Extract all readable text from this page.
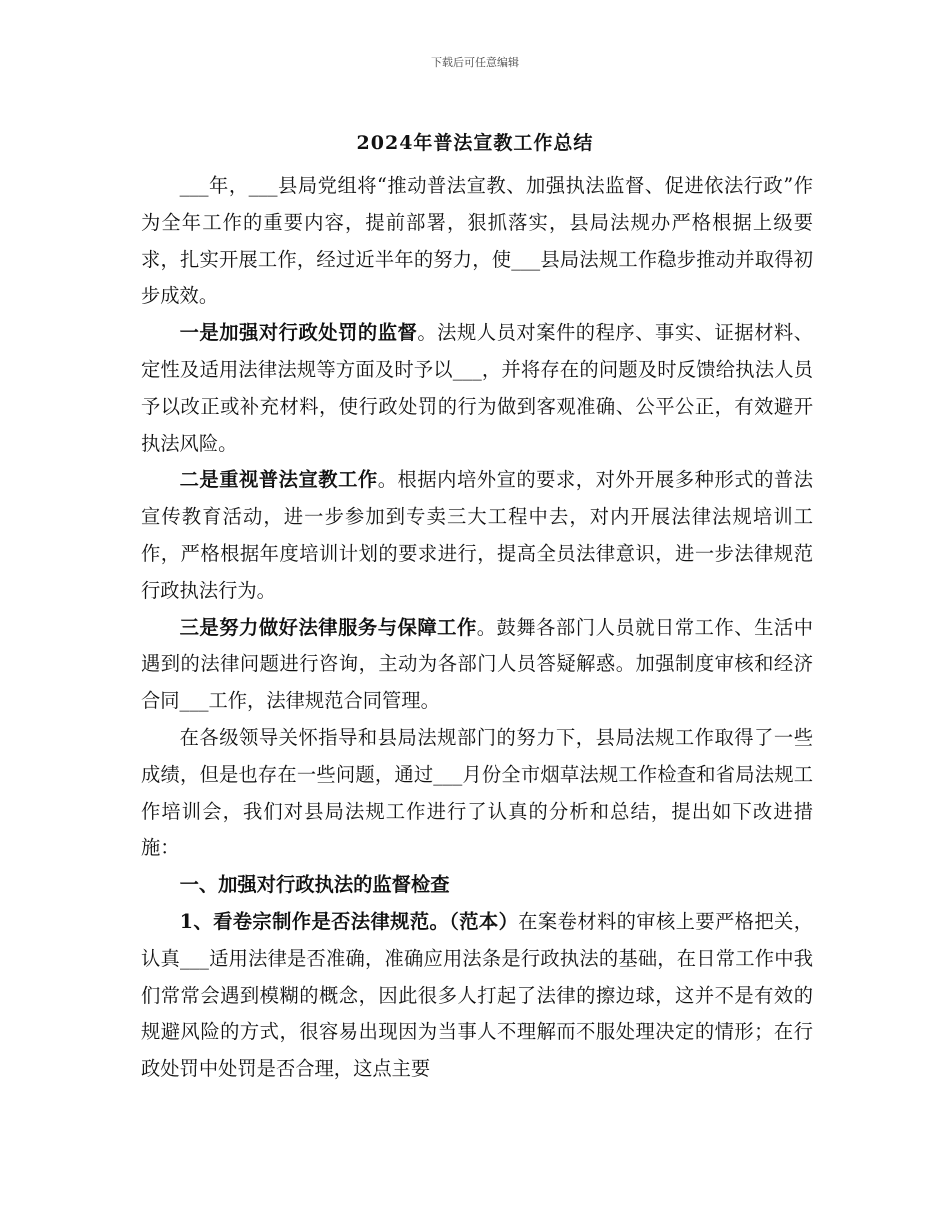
下载后可任意编辑
2024年普法宣教工作总结

___年，___县局党组将“推动普法宣教、加强执法监督、促进依法行政”作为全年工作的重要内容，提前部署，狠抓落实，县局法规办严格根据上级要求，扎实开展工作，经过近半年的努力，使___县局法规工作稳步推动并取得初步成效。

一是加强对行政处罚的监督。法规人员对案件的程序、事实、证据材料、定性及适用法律法规等方面及时予以___，并将存在的问题及时反馈给执法人员予以改正或补充材料，使行政处罚的行为做到客观准确、公平公正，有效避开执法风险。

二是重视普法宣教工作。根据内培外宣的要求，对外开展多种形式的普法宣传教育活动，进一步参加到专卖三大工程中去，对内开展法律法规培训工作，严格根据年度培训计划的要求进行，提高全员法律意识，进一步法律规范行政执法行为。

三是努力做好法律服务与保障工作。鼓舞各部门人员就日常工作、生活中遇到的法律问题进行咨询，主动为各部门人员答疑解惑。加强制度审核和经济合同___工作，法律规范合同管理。

在各级领导关怀指导和县局法规部门的努力下，县局法规工作取得了一些成绩，但是也存在一些问题，通过___月份全市烟草法规工作检查和省局法规工作培训会，我们对县局法规工作进行了认真的分析和总结，提出如下改进措施：

一、加强对行政执法的监督检查

1、看卷宗制作是否法律规范。（范本）在案卷材料的审核上要严格把关，认真___适用法律是否准确，准确应用法条是行政执法的基础，在日常工作中我们常常会遇到模糊的概念，因此很多人打起了法律的擦边球，这并不是有效的规避风险的方式，很容易出现因为当事人不理解而不服处理决定的情形；在行政处罚中处罚是否合理，这点主要
